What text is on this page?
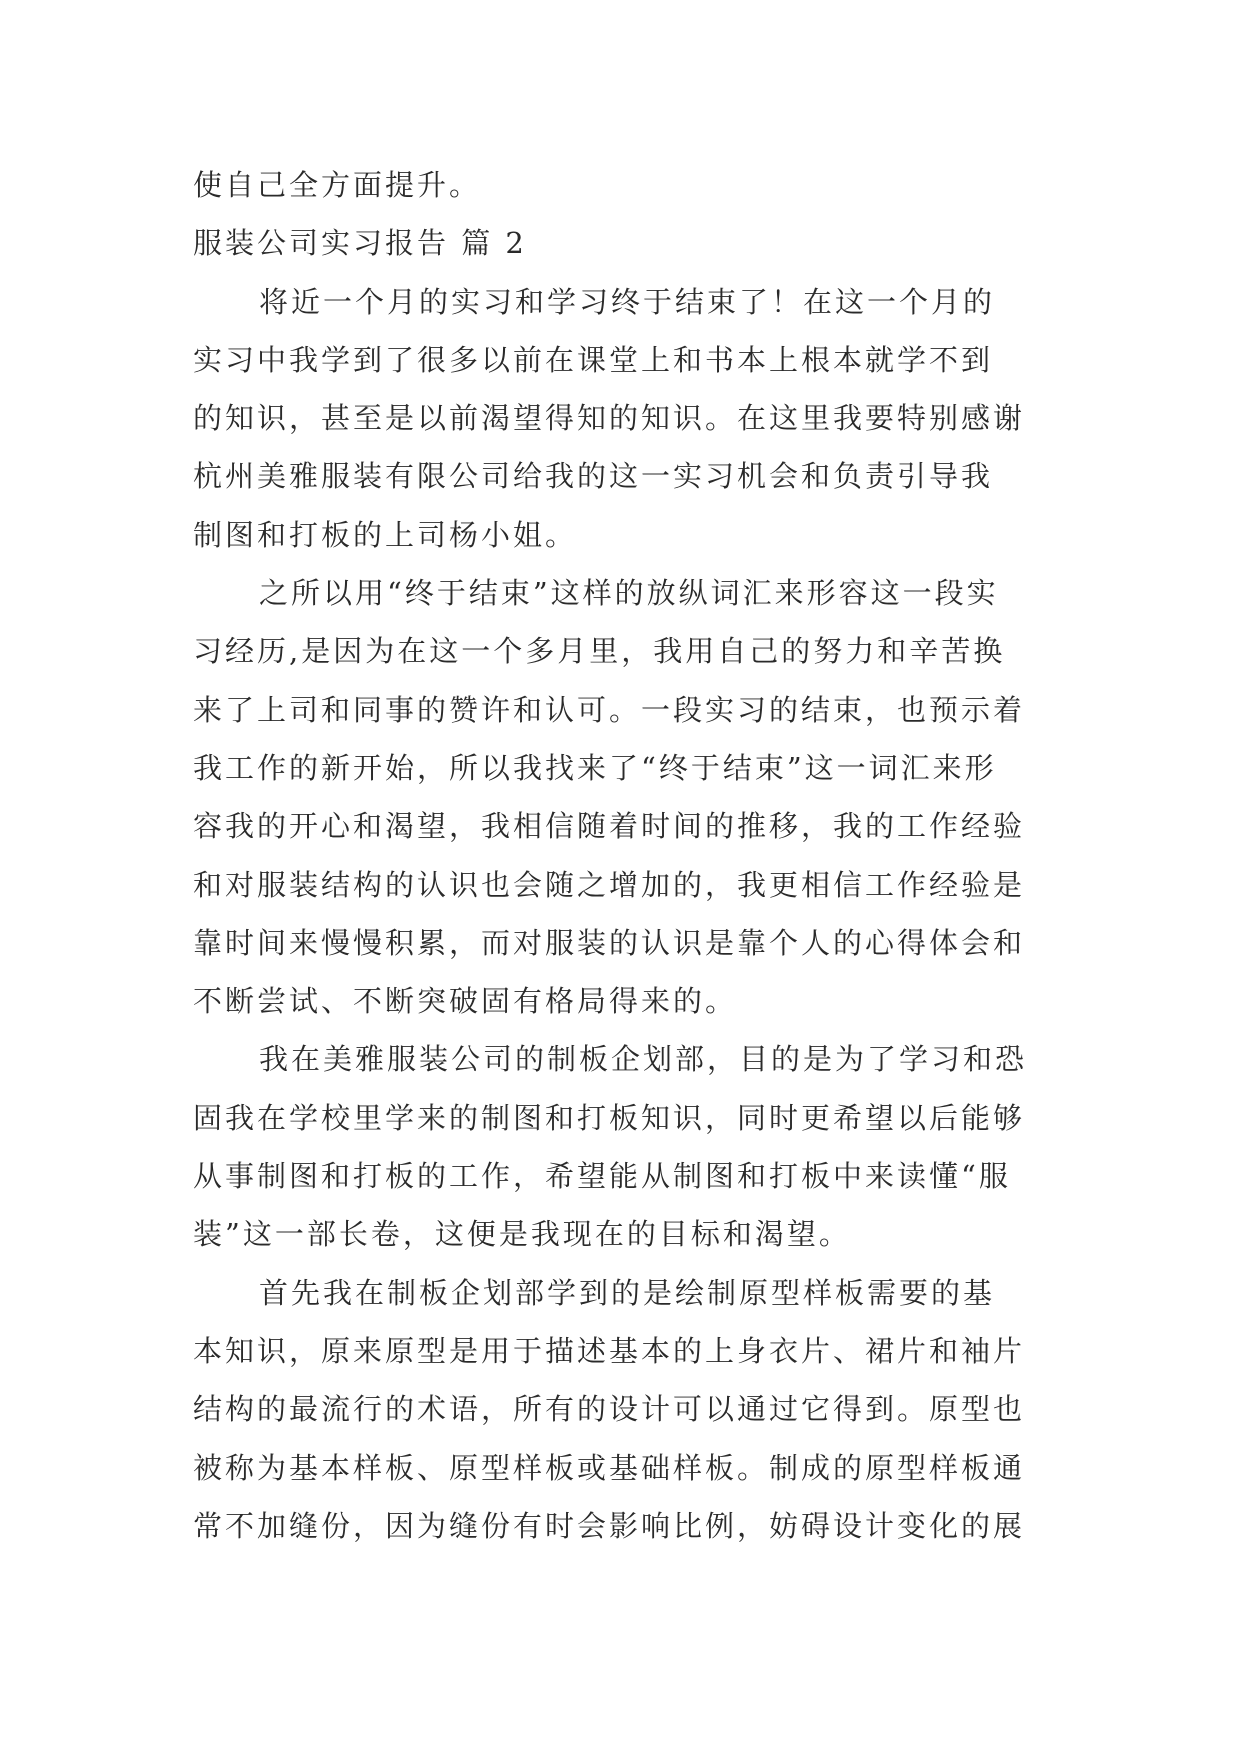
使自己全方面提升。
服装公司实习报告 篇 2
将近一个月的实习和学习终于结束了！在这一个月的
实习中我学到了很多以前在课堂上和书本上根本就学不到
的知识，甚至是以前渴望得知的知识。在这里我要特别感谢
杭州美雅服装有限公司给我的这一实习机会和负责引导我
制图和打板的上司杨小姐。
之所以用“终于结束”这样的放纵词汇来形容这一段实
习经历,是因为在这一个多月里，我用自己的努力和辛苦换
来了上司和同事的赞许和认可。一段实习的结束，也预示着
我工作的新开始，所以我找来了“终于结束”这一词汇来形
容我的开心和渴望，我相信随着时间的推移，我的工作经验
和对服装结构的认识也会随之增加的，我更相信工作经验是
靠时间来慢慢积累，而对服装的认识是靠个人的心得体会和
不断尝试、不断突破固有格局得来的。
我在美雅服装公司的制板企划部，目的是为了学习和恐
固我在学校里学来的制图和打板知识，同时更希望以后能够
从事制图和打板的工作，希望能从制图和打板中来读懂“服
装”这一部长卷，这便是我现在的目标和渴望。
首先我在制板企划部学到的是绘制原型样板需要的基
本知识，原来原型是用于描述基本的上身衣片、裙片和袖片
结构的最流行的术语，所有的设计可以通过它得到。原型也
被称为基本样板、原型样板或基础样板。制成的原型样板通
常不加缝份，因为缝份有时会影响比例，妨碍设计变化的展
